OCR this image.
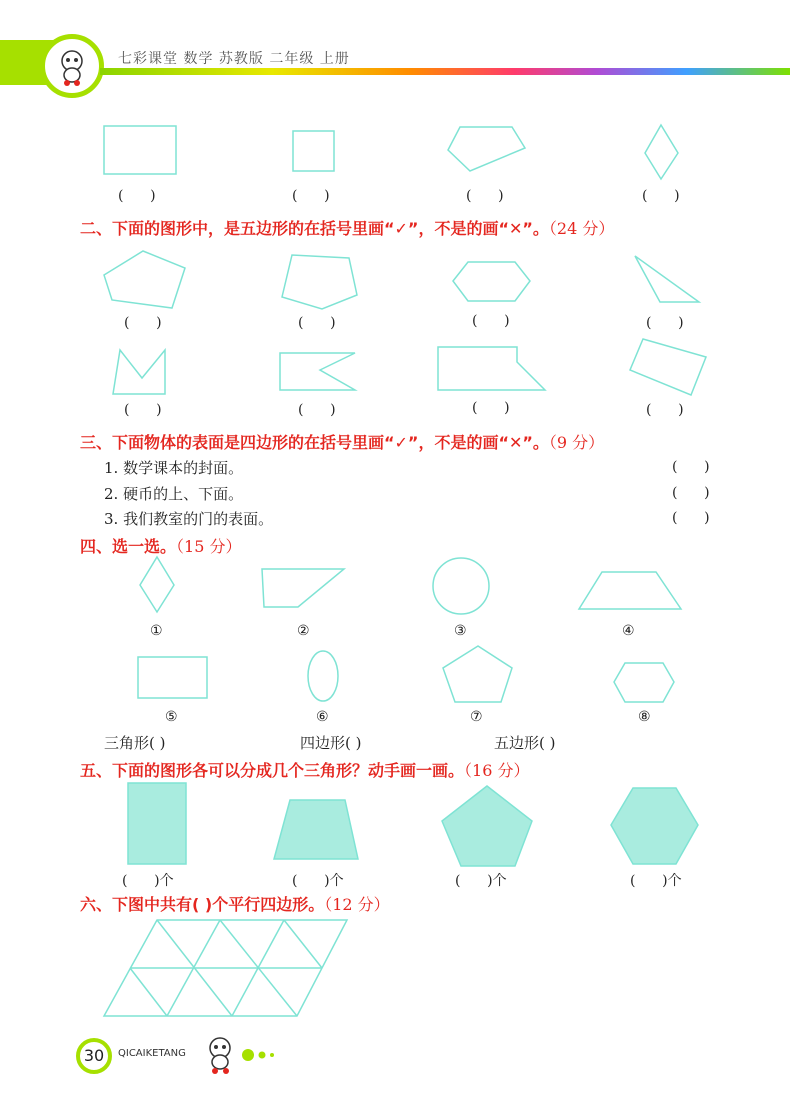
七彩课堂 数学 苏教版 二年级 上册
(      )	(      )	(      )	(      )
二、下面的图形中，是五边形的在括号里画“✓”，不是的画“✕”。（24 分）
(      )	(      )	(      )	(      )
(      )	(      )	(      )	(      )
三、下面物体的表面是四边形的在括号里画“✓”，不是的画“✕”。（9 分）
1. 数学课本的封面。	(      )
2. 硬币的上、下面。	(      )
3. 我们教室的门的表面。	(      )
四、选一选。（15 分）
①	②	③	④
⑤	⑥	⑦	⑧
三角形( )	四边形( )	五边形( )
五、下面的图形各可以分成几个三角形？动手画一画。（16 分）
(      )个	(      )个	(      )个	(      )个
六、下图中共有( )个平行四边形。（12 分）
30	QICAIKETANG
